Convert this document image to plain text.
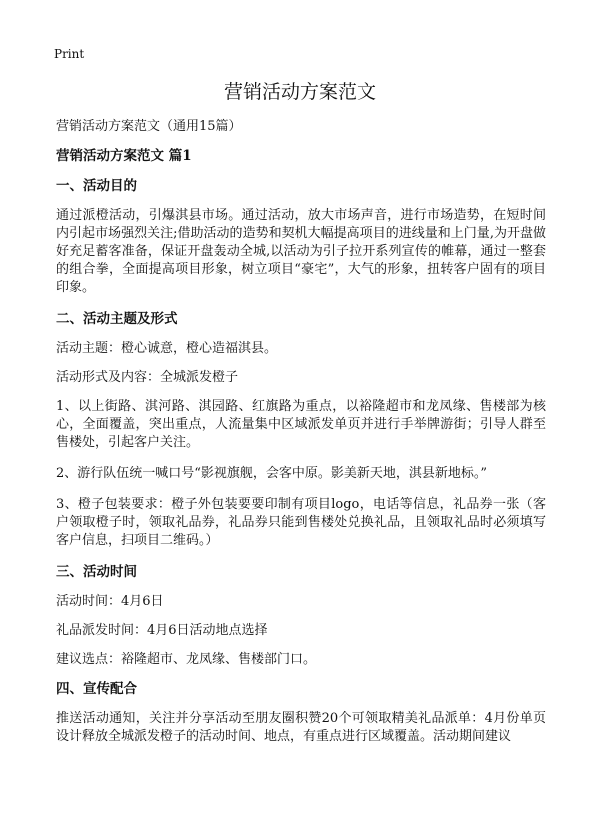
Print
营销活动方案范文

营销活动方案范文（通用15篇）

营销活动方案范文 篇1

一、活动目的

通过派橙活动，引爆淇县市场。通过活动，放大市场声音，进行市场造势，在短时间内引起市场强烈关注;借助活动的造势和契机大幅提高项目的进线量和上门量,为开盘做好充足蓄客准备，保证开盘轰动全城,以活动为引子拉开系列宣传的帷幕，通过一整套的组合拳，全面提高项目形象，树立项目“豪宅”，大气的形象，扭转客户固有的项目印象。

二、活动主题及形式

活动主题：橙心诚意，橙心造福淇县。

活动形式及内容：全城派发橙子

1、以上街路、淇河路、淇园路、红旗路为重点，以裕隆超市和龙凤缘、售楼部为核心，全面覆盖，突出重点，人流量集中区域派发单页并进行手举牌游街；引导人群至售楼处，引起客户关注。

2、游行队伍统一喊口号“影视旗舰，会客中原。影美新天地，淇县新地标。”

3、橙子包装要求：橙子外包装要要印制有项目logo，电话等信息，礼品券一张（客户领取橙子时，领取礼品券，礼品券只能到售楼处兑换礼品，且领取礼品时必须填写客户信息，扫项目二维码。）

三、活动时间

活动时间：4月6日

礼品派发时间：4月6日活动地点选择

建议选点：裕隆超市、龙凤缘、售楼部门口。

四、宣传配合

推送活动通知，关注并分享活动至朋友圈积赞20个可领取精美礼品派单：4月份单页设计释放全城派发橙子的活动时间、地点，有重点进行区域覆盖。活动期间建议
